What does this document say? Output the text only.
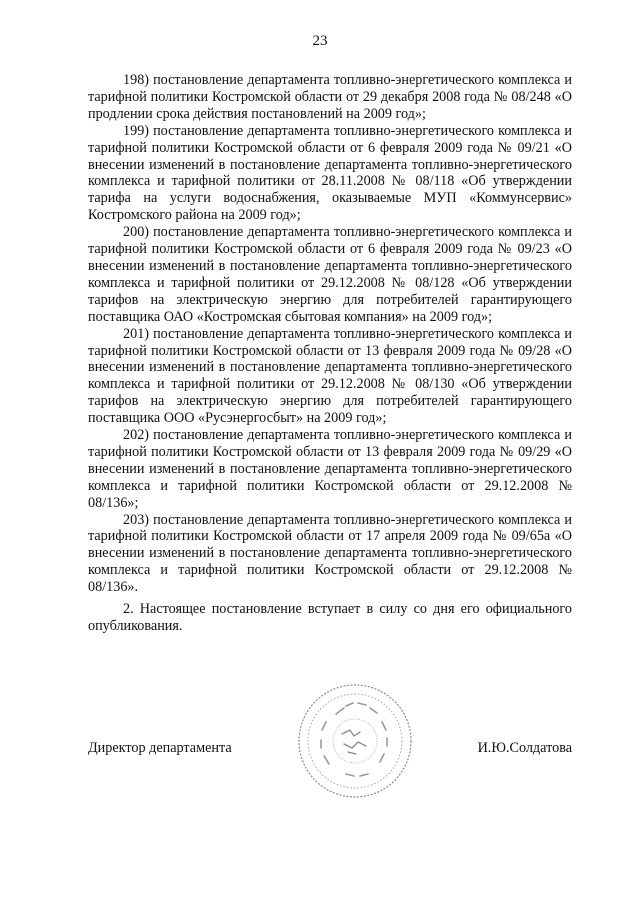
23

198) постановление департамента топливно-энергетического комплекса и тарифной политики Костромской области от 29 декабря 2008 года № 08/248 «О продлении срока действия постановлений на 2009 год»;

199) постановление департамента топливно-энергетического комплекса и тарифной политики Костромской области от 6 февраля 2009 года № 09/21 «О внесении изменений в постановление департамента топливно-энергетического комплекса и тарифной политики от 28.11.2008 № 08/118 «Об утверждении тарифа на услуги водоснабжения, оказываемые МУП «Коммунсервис» Костромского района на 2009 год»;

200) постановление департамента топливно-энергетического комплекса и тарифной политики Костромской области от 6 февраля 2009 года № 09/23 «О внесении изменений в постановление департамента топливно-энергетического комплекса и тарифной политики от 29.12.2008 № 08/128 «Об утверждении тарифов на электрическую энергию для потребителей гарантирующего поставщика ОАО «Костромская сбытовая компания» на 2009 год»;

201) постановление департамента топливно-энергетического комплекса и тарифной политики Костромской области от 13 февраля 2009 года № 09/28 «О внесении изменений в постановление департамента топливно-энергетического комплекса и тарифной политики от 29.12.2008 № 08/130 «Об утверждении тарифов на электрическую энергию для потребителей гарантирующего поставщика ООО «Русэнергосбыт» на 2009 год»;

202) постановление департамента топливно-энергетического комплекса и тарифной политики Костромской области от 13 февраля 2009 года № 09/29 «О внесении изменений в постановление департамента топливно-энергетического комплекса и тарифной политики Костромской области от 29.12.2008 № 08/136»;

203) постановление департамента топливно-энергетического комплекса и тарифной политики Костромской области от 17 апреля 2009 года № 09/65а «О внесении изменений в постановление департамента топливно-энергетического комплекса и тарифной политики Костромской области от 29.12.2008 № 08/136».

2. Настоящее постановление вступает в силу со дня его официального опубликования.

Директор департамента	И.Ю.Солдатова
